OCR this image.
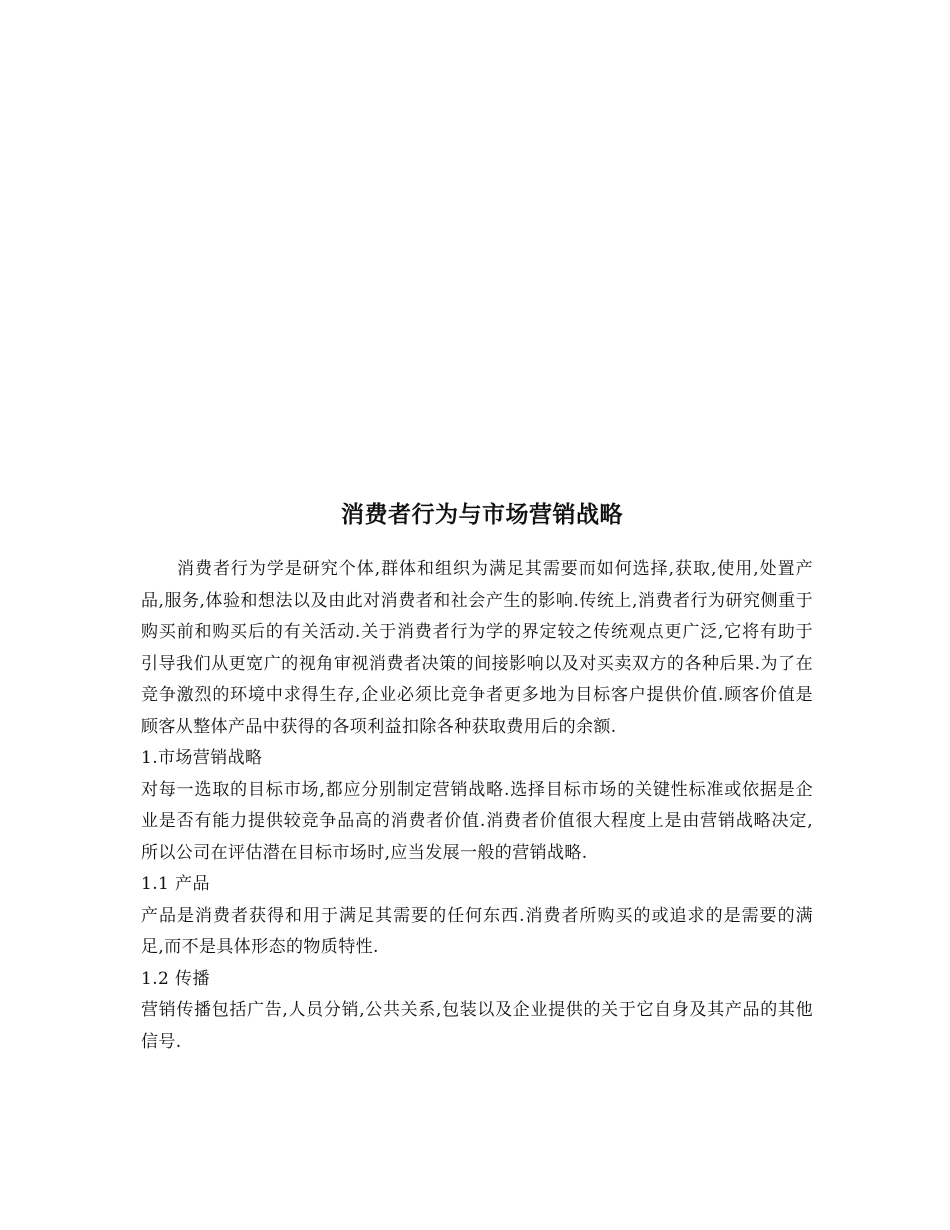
消费者行为与市场营销战略

消费者行为学是研究个体,群体和组织为满足其需要而如何选择,获取,使用,处置产品,服务,体验和想法以及由此对消费者和社会产生的影响.传统上,消费者行为研究侧重于购买前和购买后的有关活动.关于消费者行为学的界定较之传统观点更广泛,它将有助于引导我们从更宽广的视角审视消费者决策的间接影响以及对买卖双方的各种后果.为了在竞争激烈的环境中求得生存,企业必须比竞争者更多地为目标客户提供价值.顾客价值是顾客从整体产品中获得的各项利益扣除各种获取费用后的余额.

1.市场营销战略

对每一选取的目标市场,都应分别制定营销战略.选择目标市场的关键性标准或依据是企业是否有能力提供较竞争品高的消费者价值.消费者价值很大程度上是由营销战略决定,所以公司在评估潜在目标市场时,应当发展一般的营销战略.

1.1 产品

产品是消费者获得和用于满足其需要的任何东西.消费者所购买的或追求的是需要的满足,而不是具体形态的物质特性.

1.2 传播

营销传播包括广告,人员分销,公共关系,包装以及企业提供的关于它自身及其产品的其他信号.
